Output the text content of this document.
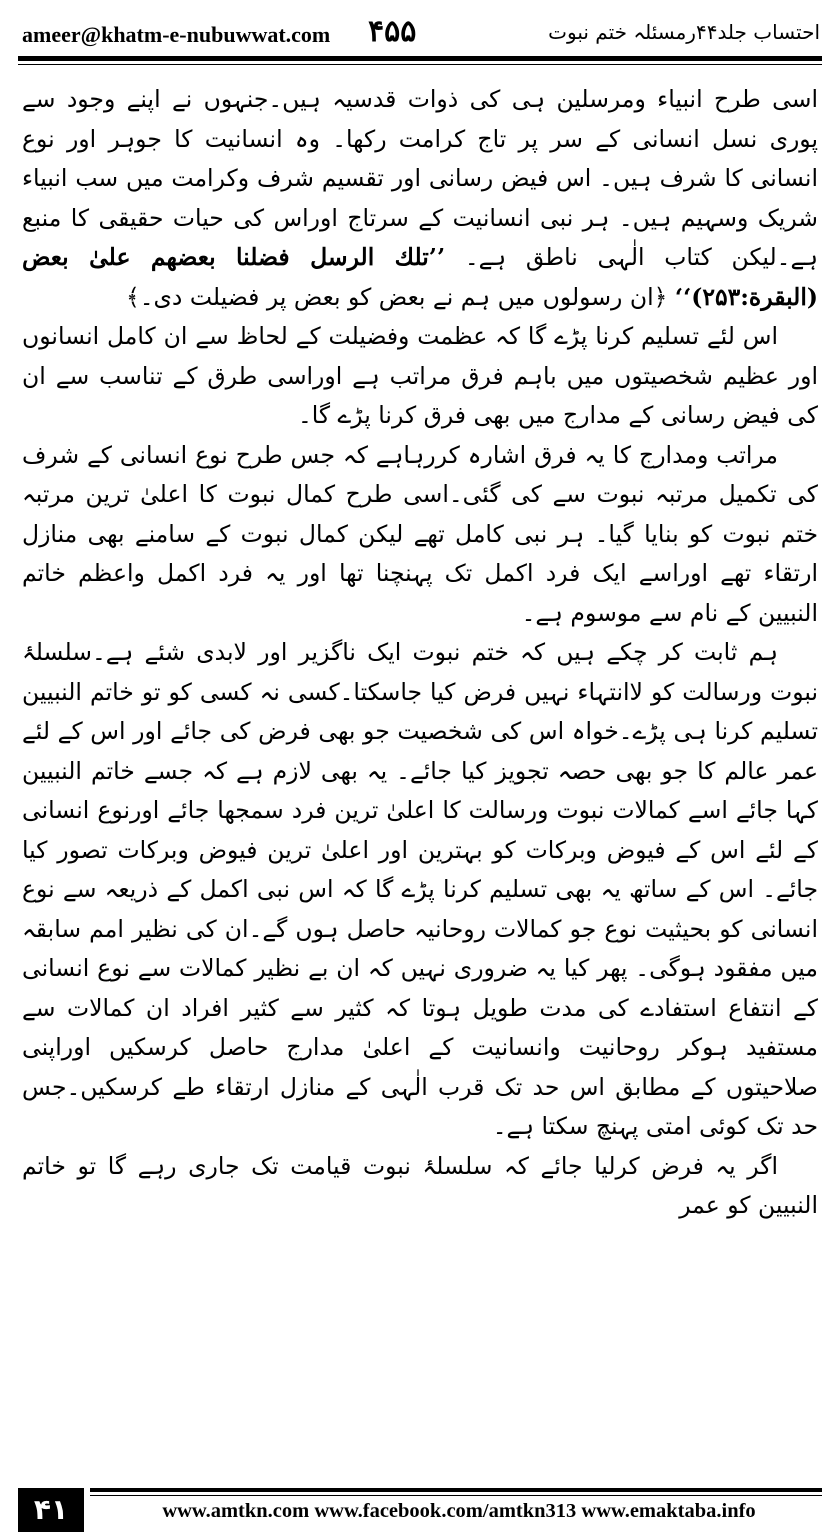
ameer@khatm-e-nubuwwat.com ۴۵۵	احتساب جلد۴۴رمسئلہ ختم نبوت

اسی طرح انبیاء ومرسلین ہی کی ذوات قدسیہ ہیں۔جنہوں نے اپنے وجود سے پوری نسل انسانی کے سر پر تاج کرامت رکھا۔ وہ انسانیت کا جوہر اور نوع انسانی کا شرف ہیں۔ اس فیض رسانی اور تقسیم شرف وکرامت میں سب انبیاء شریک وسہیم ہیں۔ ہر نبی انسانیت کے سرتاج اوراس کی حیات حقیقی کا منبع ہے۔لیکن کتاب الٰہی ناطق ہے۔ ’’تلك الرسل فضلنا بعضهم علیٰ بعض (البقرة:۲۵۳)‘‘ ﴿ان رسولوں میں ہم نے بعض کو بعض پر فضیلت دی۔﴾

اس لئے تسلیم کرنا پڑے گا کہ عظمت وفضیلت کے لحاظ سے ان کامل انسانوں اور عظیم شخصیتوں میں باہم فرق مراتب ہے اوراسی طرق کے تناسب سے ان کی فیض رسانی کے مدارج میں بھی فرق کرنا پڑے گا۔

مراتب ومدارج کا یہ فرق اشارہ کررہاہے کہ جس طرح نوع انسانی کے شرف کی تکمیل مرتبہ نبوت سے کی گئی۔اسی طرح کمال نبوت کا اعلیٰ ترین مرتبہ ختم نبوت کو بنایا گیا۔ ہر نبی کامل تھے لیکن کمال نبوت کے سامنے بھی منازل ارتقاء تھے اوراسے ایک فرد اکمل تک پہنچنا تھا اور یہ فرد اکمل واعظم خاتم النبیین کے نام سے موسوم ہے۔

ہم ثابت کر چکے ہیں کہ ختم نبوت ایک ناگزیر اور لابدی شئے ہے۔سلسلۂ نبوت ورسالت کو لاانتہاء نہیں فرض کیا جاسکتا۔کسی نہ کسی کو تو خاتم النبیین تسلیم کرنا ہی پڑے۔خواہ اس کی شخصیت جو بھی فرض کی جائے اور اس کے لئے عمر عالم کا جو بھی حصہ تجویز کیا جائے۔ یہ بھی لازم ہے کہ جسے خاتم النبیین کہا جائے اسے کمالات نبوت ورسالت کا اعلیٰ ترین فرد سمجھا جائے اورنوع انسانی کے لئے اس کے فیوض وبرکات کو بہترین اور اعلیٰ ترین فیوض وبرکات تصور کیا جائے۔ اس کے ساتھ یہ بھی تسلیم کرنا پڑے گا کہ اس نبی اکمل کے ذریعہ سے نوع انسانی کو بحیثیت نوع جو کمالات روحانیہ حاصل ہوں گے۔ان کی نظیر امم سابقہ میں مفقود ہوگی۔ پھر کیا یہ ضروری نہیں کہ ان بے نظیر کمالات سے نوع انسانی کے انتفاع استفادے کی مدت طویل ہوتا کہ کثیر سے کثیر افراد ان کمالات سے مستفید ہوکر روحانیت وانسانیت کے اعلیٰ مدارج حاصل کرسکیں اوراپنی صلاحیتوں کے مطابق اس حد تک قرب الٰہی کے منازل ارتقاء طے کرسکیں۔جس حد تک کوئی امتی پہنچ سکتا ہے۔

اگر یہ فرض کرلیا جائے کہ سلسلۂ نبوت قیامت تک جاری رہے گا تو خاتم النبیین کو عمر

۴۱	www.amtkn.com www.facebook.com/amtkn313 www.emaktaba.info
